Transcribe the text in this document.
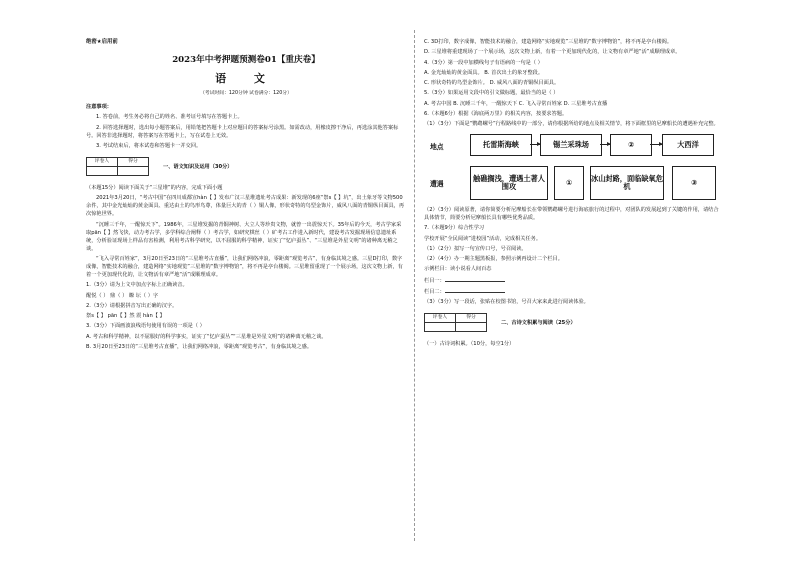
绝密★启用前
2023年中考押题预测卷01【重庆卷】
语 文
（考试时间：120分钟 试卷满分：120分）

注意事项：

1. 答卷前，考生务必将自己的姓名、准考证号填写在答题卡上。

2. 回答选择题时，选出每小题答案后，用铅笔把答题卡上对应题目的答案标号涂黑。如需改动，用橡皮擦干净后，再选涂其他答案标号。回答非选择题时，将答案写在答题卡上，写在试卷上无效。

3. 考试结束后，将本试卷和答题卡一并交回。

评卷人	得分

一、语文知识及运用（30分）

（本题15分）阅读下面关于“三星堆”的内容，完成下面小题

2021年3月20日，“考古中国”在四川成都宣hàn【 】发布广汉三星堆遗址考古成果：新发现的6座“祭s【 】坑”，出土象牙等文物500余件，其中金光灿灿的黄金面具、重达由土的鸟形鸟尊，体量巨大的青（ ）铜人像，形状奇特的鸟型金饰片，威风八面的青铜纵目面具，再次惊艳世界。

“沉睡三千年，一醒惊天下”。1986年，三星堆发掘的青铜神树、大立人等珍贵文物，就曾一出震惊天下。35年后的今天，考古学家采取pān【 】然飞快，动力考古学，多学科综合阐释（ ）考古学，如研究棋丝（ ）矿考古工作进入新时代，建设考古发掘现场信息遗址系统，分析验证现场上样品有害检测，利用考古科学研究，以不屈服的科学精神，证实了“忆庐蚕丛”、“三星堆是外星文明”的诸种离无稽之谈。

“飞入寻常百姓家”，3月20日至23日的“三星堆考古直播”，让我们网络冲浪，零距离“观览考古”，有身临其境之感。三星D打印，数字成像，智能技术的融合，建造网络“实地观览”三星堆的“数字博物馆”，将不再是亭台楼阁。三星堆留重现了一个展示场，这次文物上新，有着一个更加现代化的，让文物活有章严地“活”成顺理成章。

1.（3分）请为上文中加点字标上正确读音。

醒悦（ ） 鼎（ ） 瞭 坛（ ）字

2.（3分）请根据拼音写出正确的汉字。

祭s【 】 pān【 】然 震 hàn【 】

3.（3分）下面画波浪线语句使用有误的一项是（ ）

A. 考古和科学精神，以不屈服好的科学事实，证实了“忆庐蚕丛”“三星堆是外星文明”的诸种离无稽之谈。

B. 3月20日至23日的“三星堆考古直播”，让我们网络冲浪，零距离“观览考古”，有身临其境之感。

C. 3D打印，数字成像，智能技术的融合，建造网络“实地观览”三星堆的“数字博物馆”，将不再是亭台楼阁。

D. 三星堆将重建现场了一个展示场，这次文物上新，有着一个更加现代化的，让文物有章严地“活”成顺理成章。

4.（3分）第一段中加横线句子有语病的一句是（ ）

A. 金光灿灿的黄金面具。 B. 首次出土的象牙整段。

C. 形状奇特的鸟型金饰片。 D. 威风八面的青铜纵目面具。

5.（3分）如果运用文段中的引文做标题，最恰当的是（ ）

A. 考古中国 B. 沉睡三千年，一醒惊天下 C. 飞入寻常百姓家 D. 三星堆考古直播

6.（本题6分）根据《海底两万里》的相关内容，按要求答题。

（1）（3分）下面是“鹦鹉螺号”行程路线中的一部分，请你根据所给的地点及相关情节，将下面框里的尼摩船长的遭遇补充完整。

地点
遭遇
托雷斯海峡	锡兰采珠场	②	大西洋
触礁搁浅，遭遇土著人围攻	①	冰山封路，面临缺氧危机	③

（2）（3分）阅读原著，请你简要分析尼摩船长在带领鹦鹉螺号进行海底旅行的过程中，对团队的发展起到了关键的作用，请结合具体情节，简要分析尼摩船长具有哪些优秀品质。

7.（本题9分）综合性学习

学校开展“全民阅读”进校园”活动，完成相关任务。

（1）（2分）拟写一句宣传口号，号召阅读。

（2）（4分）办一期主题黑板报，参照示例再设计二个栏目。

示例栏目：读小说看人间百态

栏目一：

栏目二：

（3）（3分）写一段话，张贴在校图书馆，号召大家来此进行阅读体验。

评卷人	得分

二、古诗文积累与阅读（25分）

（一）古诗词积累。（10分，每空1分）
